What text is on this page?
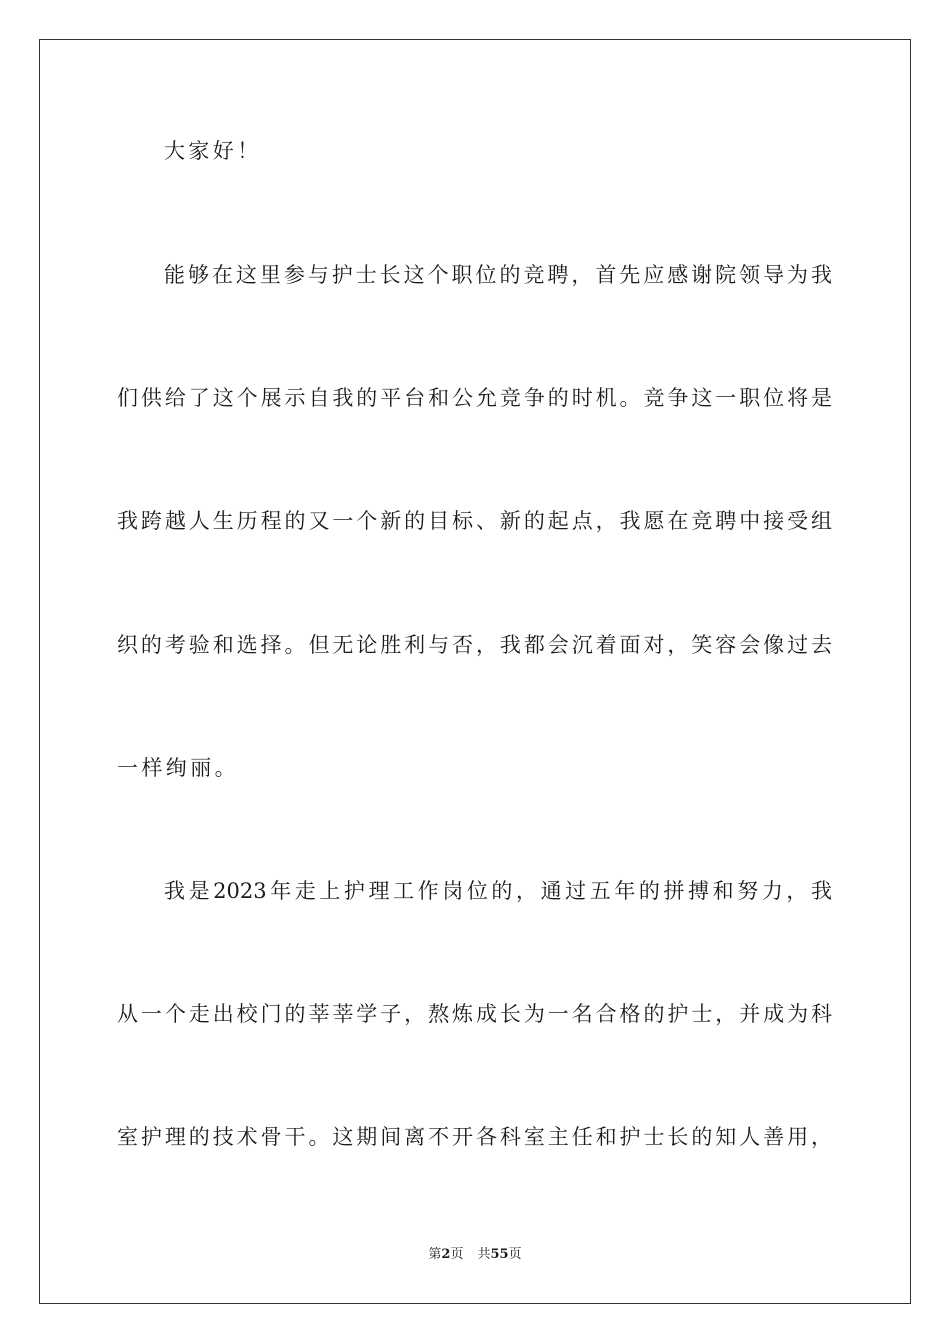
大家好！
能够在这里参与护士长这个职位的竞聘，首先应感谢院领导为我
们供给了这个展示自我的平台和公允竞争的时机。竞争这一职位将是
我跨越人生历程的又一个新的目标、新的起点，我愿在竞聘中接受组
织的考验和选择。但无论胜利与否，我都会沉着面对，笑容会像过去
一样绚丽。
我是2023年走上护理工作岗位的，通过五年的拼搏和努力，我
从一个走出校门的莘莘学子，熬炼成长为一名合格的护士，并成为科
室护理的技术骨干。这期间离不开各科室主任和护士长的知人善用，
第2页 共55页
